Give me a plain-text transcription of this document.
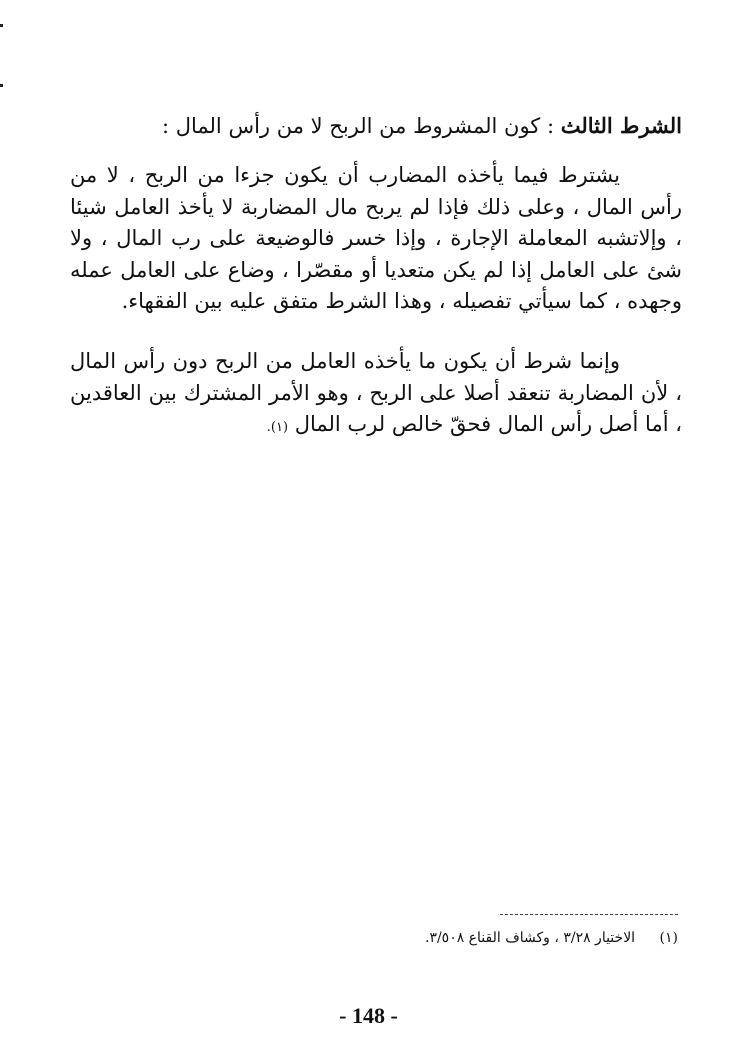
الشرط الثالث : كون المشروط من الربح لا من رأس المال :
يشترط فيما يأخذه المضارب أن يكون جزءا من الربح ، لا من رأس المال ، وعلى ذلك فإذا لم يربح مال المضاربة لا يأخذ العامل شيئا ، وإلاتشبه المعاملة الإجارة ، وإذا خسر فالوضيعة على رب المال ، ولا شئ على العامل إذا لم يكن متعديا أو مقصّرا ، وضاع على العامل عمله وجهده ، كما سيأتي تفصيله ، وهذا الشرط متفق عليه بين الفقهاء.
وإنما شرط أن يكون ما يأخذه العامل من الربح دون رأس المال ، لأن المضاربة تنعقد أصلا على الربح ، وهو الأمر المشترك بين العاقدين ، أما أصل رأس المال فحقّ خالص لرب المال (١).
(١) الاختيار ٣/٢٨ ، وكشاف القناع ٣/٥٠٨.
- 148 -
